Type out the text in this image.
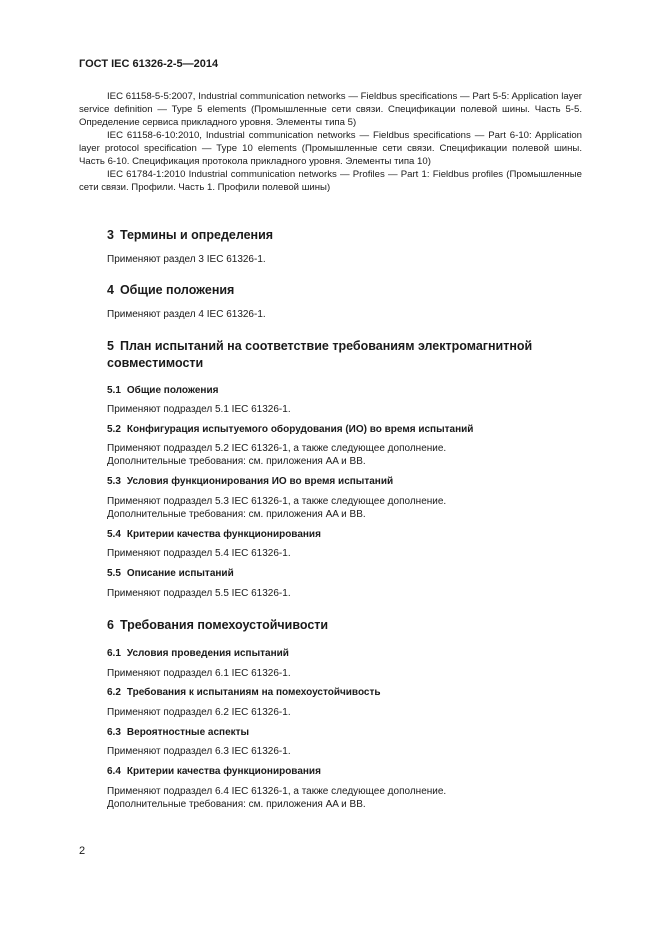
ГОСТ IEC 61326-2-5—2014

IEC 61158-5-5:2007, Industrial communication networks — Fieldbus specifications — Part 5-5: Application layer service definition — Type 5 elements (Промышленные сети связи. Спецификации полевой шины. Часть 5-5. Определение сервиса прикладного уровня. Элементы типа 5)

IEC 61158-6-10:2010, Industrial communication networks — Fieldbus specifications — Part 6-10: Application layer protocol specification — Type 10 elements (Промышленные сети связи. Спецификации полевой шины. Часть 6-10. Спецификация протокола прикладного уровня. Элементы типа 10)

IEC 61784-1:2010 Industrial communication networks — Profiles — Part 1: Fieldbus profiles (Промышленные сети связи. Профили. Часть 1. Профили полевой шины)

3 Термины и определения
Применяют раздел 3 IEC 61326-1.
4 Общие положения
Применяют раздел 4 IEC 61326-1.
5 План испытаний на соответствие требованиям электромагнитной
совместимости
5.1 Общие положения
Применяют подраздел 5.1 IEC 61326-1.
5.2 Конфигурация испытуемого оборудования (ИО) во время испытаний
Применяют подраздел 5.2 IEC 61326-1, а также следующее дополнение.
Дополнительные требования: см. приложения AA и BB.
5.3 Условия функционирования ИО во время испытаний
Применяют подраздел 5.3 IEC 61326-1, а также следующее дополнение.
Дополнительные требования: см. приложения AA и BB.
5.4 Критерии качества функционирования
Применяют подраздел 5.4 IEC 61326-1.
5.5 Описание испытаний
Применяют подраздел 5.5 IEC 61326-1.
6 Требования помехоустойчивости
6.1 Условия проведения испытаний
Применяют подраздел 6.1 IEC 61326-1.
6.2 Требования к испытаниям на помехоустойчивость
Применяют подраздел 6.2 IEC 61326-1.
6.3 Вероятностные аспекты
Применяют подраздел 6.3 IEC 61326-1.
6.4 Критерии качества функционирования
Применяют подраздел 6.4 IEC 61326-1, а также следующее дополнение.
Дополнительные требования: см. приложения AA и BB.
2
